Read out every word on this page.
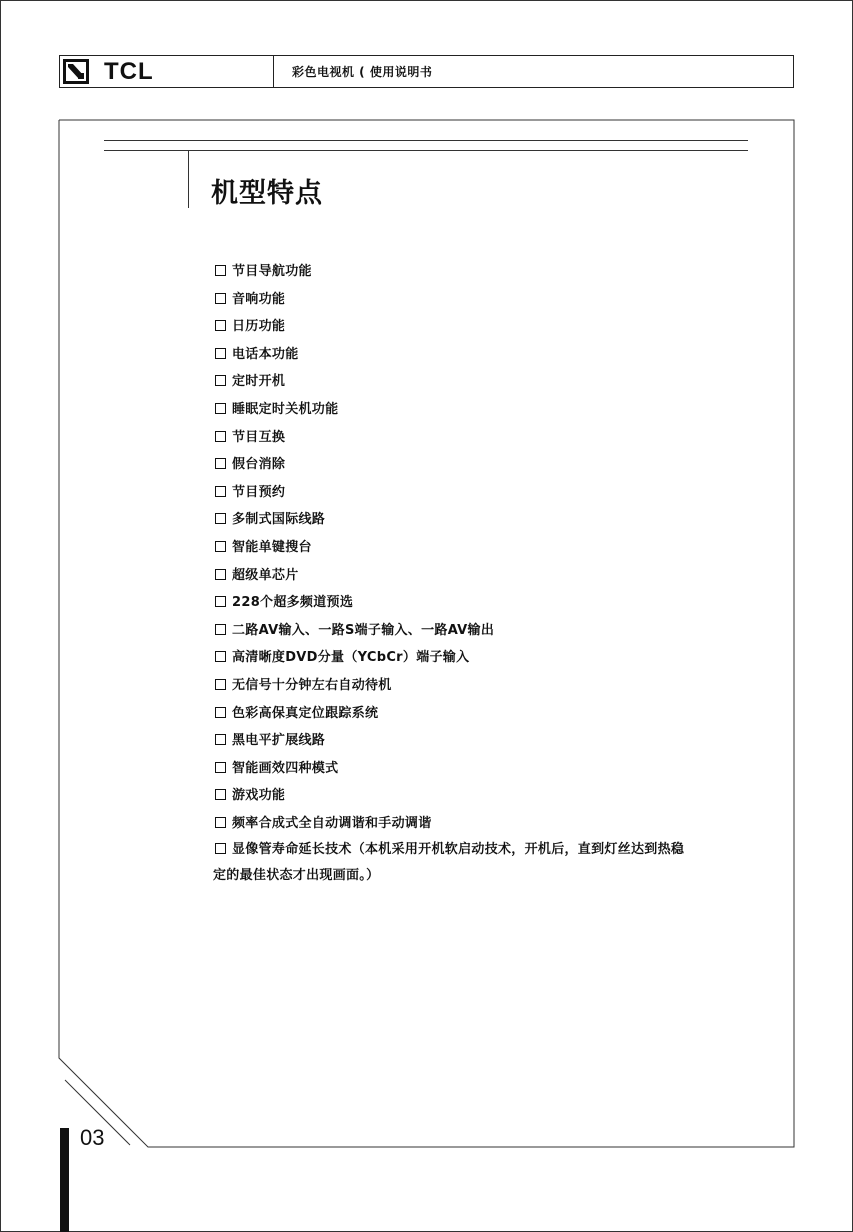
TCL	彩色电视机 ( 使用说明书
机型特点
节目导航功能
音响功能
日历功能
电话本功能
定时开机
睡眠定时关机功能
节目互换
假台消除
节目预约
多制式国际线路
智能单键搜台
超级单芯片
228个超多频道预选
二路AV输入、一路S端子输入、一路AV输出
高清晰度DVD分量（YCbCr）端子输入
无信号十分钟左右自动待机
色彩高保真定位跟踪系统
黑电平扩展线路
智能画效四种模式
游戏功能
频率合成式全自动调谐和手动调谐
显像管寿命延长技术（本机采用开机软启动技术，开机后，直到灯丝达到热稳
定的最佳状态才出现画面。）
03
